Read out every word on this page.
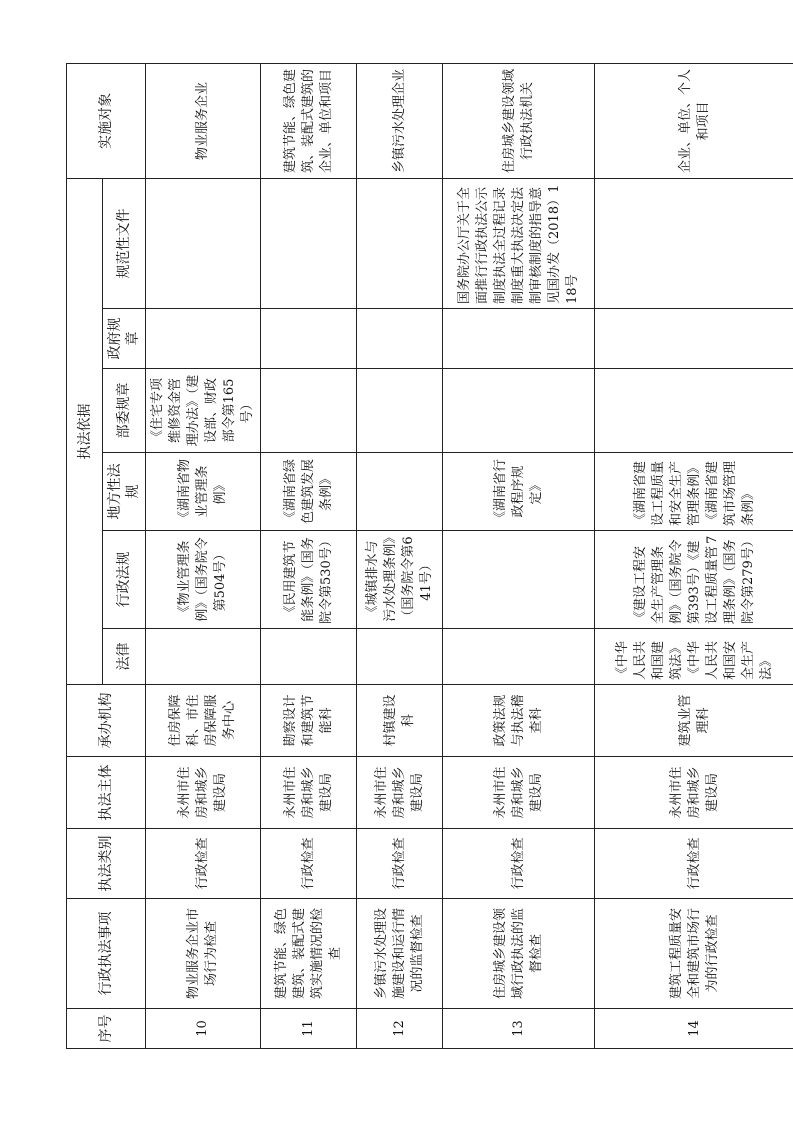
序号	行政执法事项	执法类别	执法主体	承办机构	执法依据						实施对象
					法律	行政法规	地方性法规	部委规章	政府规章	规范性文件	
10	物业服务企业市场行为检查	行政检查	永州市住房和城乡建设局	住房保障科、市住房保障服务中心		《物业管理条例》（国务院令第504号）	《湖南省物业管理条例》	《住宅专项维修资金管理办法》（建设部、财政部令第165号）			物业服务企业
11	建筑节能、绿色建筑、装配式建筑实施情况的检查	行政检查	永州市住房和城乡建设局	勘察设计和建筑节能科		《民用建筑节能条例》（国务院令第530号）	《湖南省绿色建筑发展条例》				建筑节能、绿色建筑、装配式建筑的企业、单位和项目
12	乡镇污水处理设施建设和运行情况的监督检查	行政检查	永州市住房和城乡建设局	村镇建设科		《城镇排水与污水处理条例》（国务院令第641号）					乡镇污水处理企业
13	住房城乡建设领域行政执法的监督检查	行政检查	永州市住房和城乡建设局	政策法规与执法稽查科			《湖南省行政程序规定》			国务院办公厅关于全面推行行政执法公示制度执法全过程记录制度重大执法决定法制审核制度的指导意见国办发（2018）118号	住房城乡建设领域行政执法机关
14	建筑工程质量安全和建筑市场行为的行政检查	行政检查	永州市住房和城乡建设局	建筑业管理科	《中华人民共和国建筑法》《中华人民共和国安全生产法》	《建设工程安全生产管理条例》（国务院令第393号）《建设工程质量管理条例》（国务院令第279号）	《湖南省建设工程质量和安全生产管理条例》《湖南省建筑市场管理条例》				企业、单位、个人和项目
7
